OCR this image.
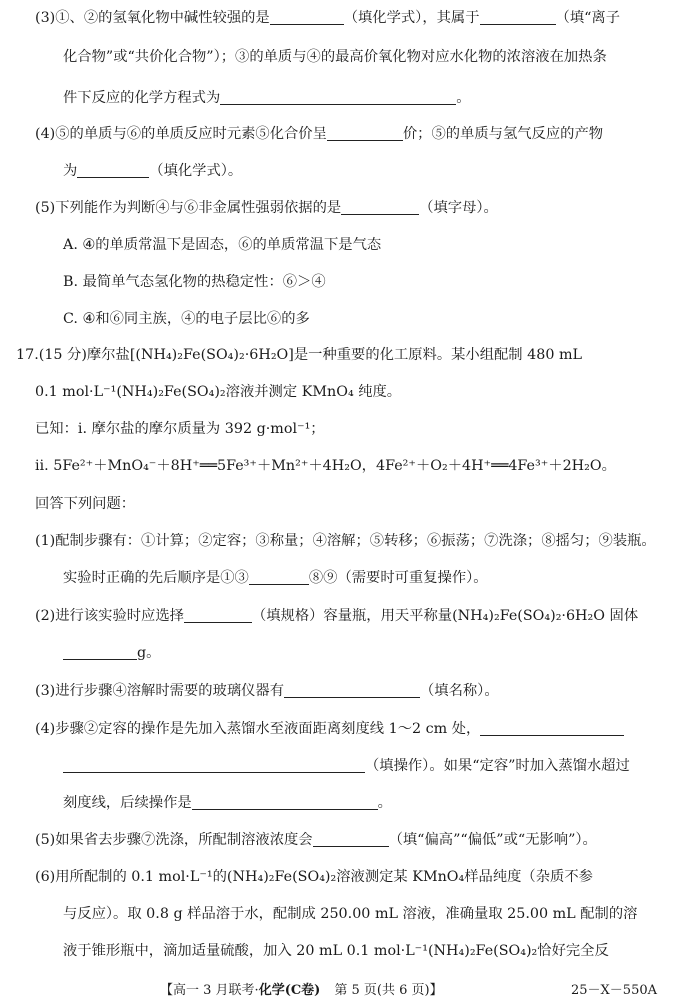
(3)①、②的氢氧化物中碱性较强的是	（填化学式），其属于	（填“离子
化合物”或“共价化合物”）；③的单质与④的最高价氧化物对应水化物的浓溶液在加热条
件下反应的化学方程式为	。
(4)⑤的单质与⑥的单质反应时元素⑤化合价呈	价；⑤的单质与氢气反应的产物
为	（填化学式）。
(5)下列能作为判断④与⑥非金属性强弱依据的是	（填字母）。
A. ④的单质常温下是固态，⑥的单质常温下是气态
B. 最简单气态氢化物的热稳定性：⑥＞④
C. ④和⑥同主族，④的电子层比⑥的多
17.(15 分)摩尔盐[(NH₄)₂Fe(SO₄)₂·6H₂O]是一种重要的化工原料。某小组配制 480 mL
0.1 mol·L⁻¹(NH₄)₂Fe(SO₄)₂溶液并测定 KMnO₄ 纯度。
已知：ⅰ. 摩尔盐的摩尔质量为 392 g·mol⁻¹；
ⅱ. 5Fe²⁺＋MnO₄⁻＋8H⁺══5Fe³⁺＋Mn²⁺＋4H₂O，4Fe²⁺＋O₂＋4H⁺══4Fe³⁺＋2H₂O。
回答下列问题：
(1)配制步骤有：①计算；②定容；③称量；④溶解；⑤转移；⑥振荡；⑦洗涤；⑧摇匀；⑨装瓶。
实验时正确的先后顺序是①③	⑧⑨（需要时可重复操作）。
(2)进行该实验时应选择	（填规格）容量瓶，用天平称量(NH₄)₂Fe(SO₄)₂·6H₂O 固体
g。
(3)进行步骤④溶解时需要的玻璃仪器有	（填名称）。
(4)步骤②定容的操作是先加入蒸馏水至液面距离刻度线 1～2 cm 处，
（填操作）。如果“定容”时加入蒸馏水超过
刻度线，后续操作是	。
(5)如果省去步骤⑦洗涤，所配制溶液浓度会	（填“偏高”“偏低”或“无影响”）。
(6)用所配制的 0.1 mol·L⁻¹的(NH₄)₂Fe(SO₄)₂溶液测定某 KMnO₄样品纯度（杂质不参
与反应）。取 0.8 g 样品溶于水，配制成 250.00 mL 溶液，准确量取 25.00 mL 配制的溶
液于锥形瓶中，滴加适量硫酸，加入 20 mL 0.1 mol·L⁻¹(NH₄)₂Fe(SO₄)₂恰好完全反
【高一 3 月联考·化学(C卷) 第 5 页(共 6 页)】	25－X－550A
